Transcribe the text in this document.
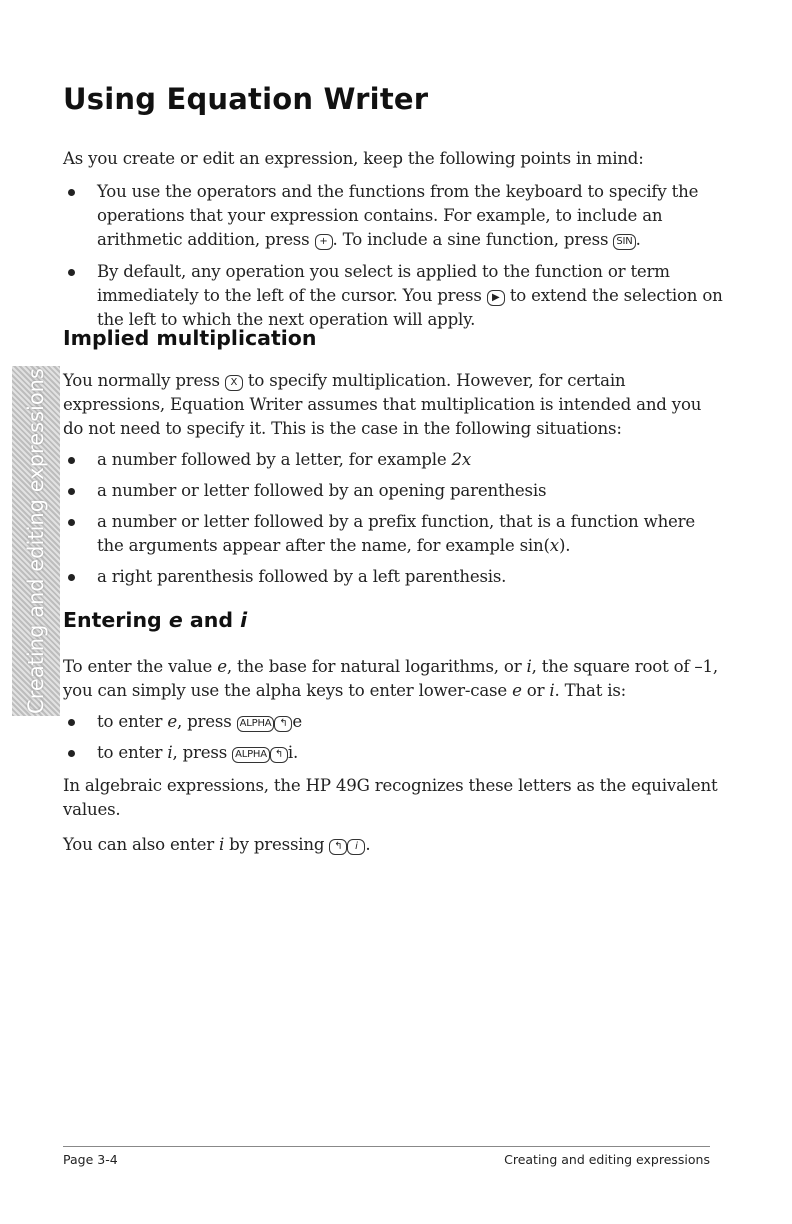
Using Equation Writer
As you create or edit an expression, keep the following points in mind:
You use the operators and the functions from the keyboard to specify the operations that your expression contains. For example, to include an arithmetic addition, press + . To include a sine function, press SIN .
By default, any operation you select is applied to the function or term immediately to the left of the cursor. You press ▶ to extend the selection on the left to which the next operation will apply.
Implied multiplication
You normally press X to specify multiplication. However, for certain expressions, Equation Writer assumes that multiplication is intended and you do not need to specify it. This is the case in the following situations:
a number followed by a letter, for example 2x
a number or letter followed by an opening parenthesis
a number or letter followed by a prefix function, that is a function where the arguments appear after the name, for example sin(x).
a right parenthesis followed by a left parenthesis.
Entering e and i
To enter the value e, the base for natural logarithms, or i, the square root of –1, you can simply use the alpha keys to enter lower-case e or i. That is:
to enter e, press ALPHA ↰ e
to enter i, press ALPHA ↰ i.
In algebraic expressions, the HP 49G recognizes these letters as the equivalent values.
You can also enter i by pressing ↰ i .
Creating and editing expressions
Page 3-4	Creating and editing expressions
